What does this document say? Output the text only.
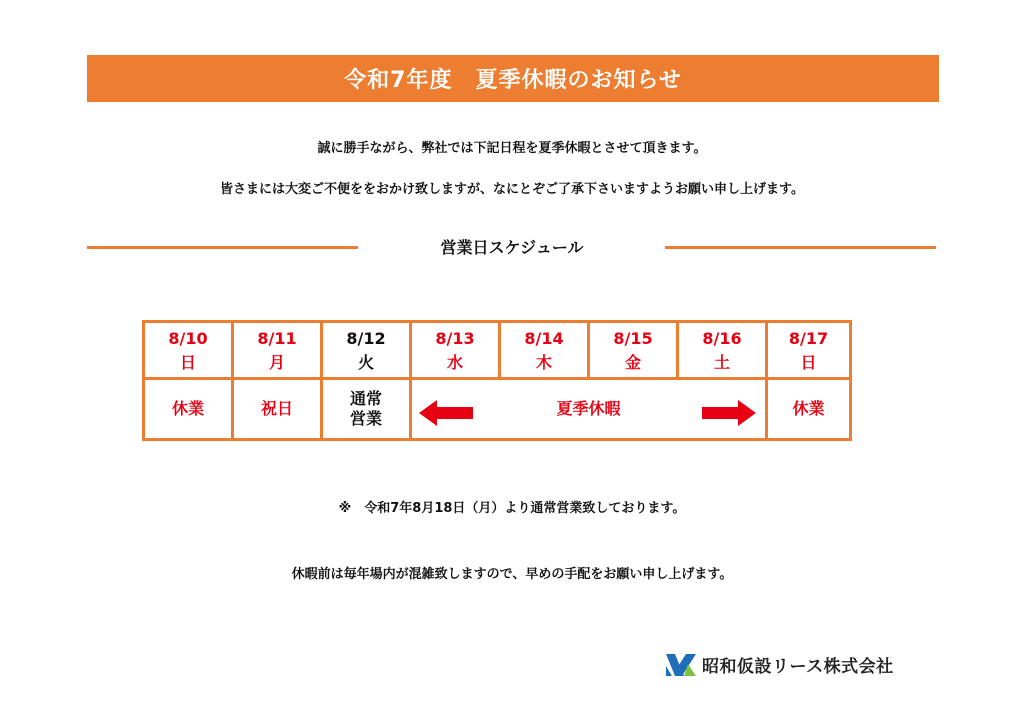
令和7年度　夏季休暇のお知らせ
誠に勝手ながら、弊社では下記日程を夏季休暇とさせて頂きます。
皆さまには大変ご不便ををおかけ致しますが、なにとぞご了承下さいますようお願い申し上げます。
営業日スケジュール
8/10
日
8/11
月
8/12
火
8/13
水
8/14
木
8/15
金
8/16
土
8/17
日
休業	祝日
通常
営業
夏季休暇	休業
※　令和7年8月18日（月）より通常営業致しております。
休暇前は毎年場内が混雑致しますので、早めの手配をお願い申し上げます。
昭和仮設リース株式会社
